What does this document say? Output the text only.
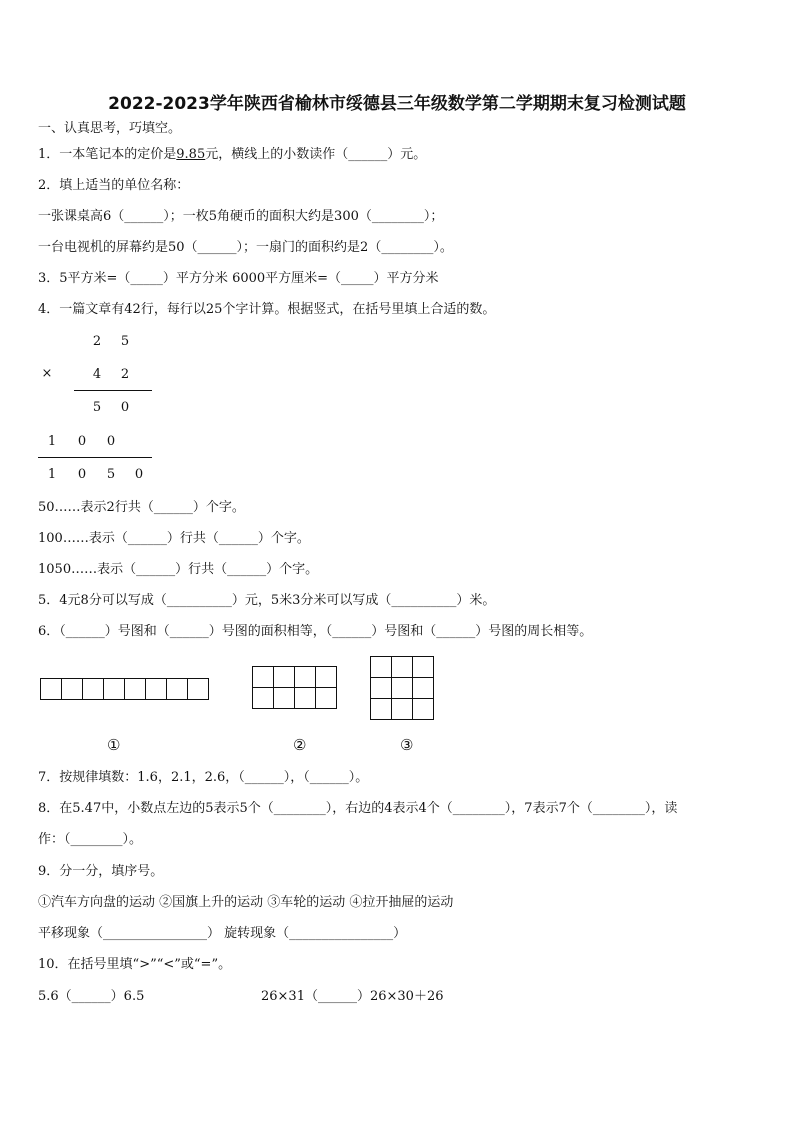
2022-2023学年陕西省榆林市绥德县三年级数学第二学期期末复习检测试题
一、认真思考，巧填空。
1．一本笔记本的定价是9.85元，横线上的小数读作（______）元。
2．填上适当的单位名称：
一张课桌高6（______）；一枚5角硬币的面积大约是300（________）；
一台电视机的屏幕约是50（______）；一扇门的面积约是2（________）。
3．5平方米=（_____）平方分米 6000平方厘米=（_____）平方分米
4．一篇文章有42行，每行以25个字计算。根据竖式，在括号里填上合适的数。
2 5
×	4 2
5 0
1 0 0
1 0 5 0
50……表示2行共（______）个字。
100……表示（______）行共（______）个字。
1050……表示（______）行共（______）个字。
5．4元8分可以写成（__________）元，5米3分米可以写成（__________）米。
6．（______）号图和（______）号图的面积相等，（______）号图和（______）号图的周长相等。

①	②	③
7．按规律填数：1.6，2.1，2.6，（______），（______）。
8．在5.47中，小数点左边的5表示5个（________），右边的4表示4个（________），7表示7个（________），读
作：（________）。
9．分一分，填序号。
①汽车方向盘的运动 ②国旗上升的运动 ③车轮的运动 ④拉开抽屉的运动
平移现象（________________） 旋转现象（________________）
10．在括号里填“>”“<”或“=”。
5.6（______）6.5	26×31（______）26×30＋26
